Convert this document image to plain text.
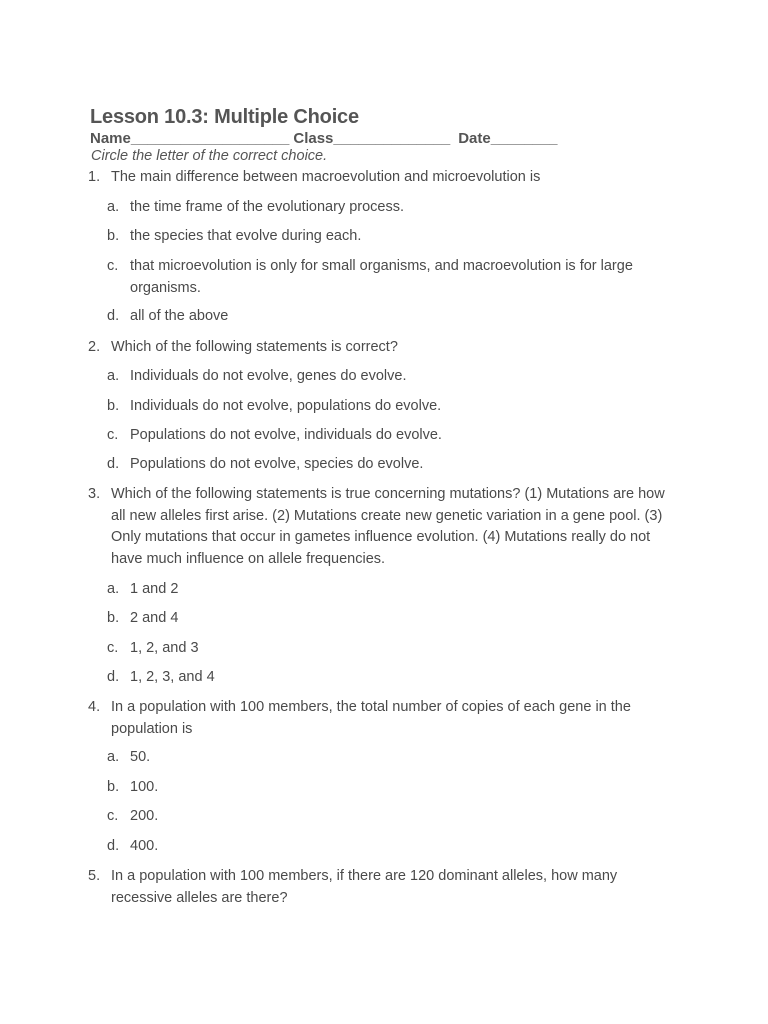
Lesson 10.3: Multiple Choice
Name___________________ Class______________ Date________
Circle the letter of the correct choice.
1. The main difference between macroevolution and microevolution is
a. the time frame of the evolutionary process.
b. the species that evolve during each.
c. that microevolution is only for small organisms, and macroevolution is for large organisms.
d. all of the above
2. Which of the following statements is correct?
a. Individuals do not evolve, genes do evolve.
b. Individuals do not evolve, populations do evolve.
c. Populations do not evolve, individuals do evolve.
d. Populations do not evolve, species do evolve.
3. Which of the following statements is true concerning mutations? (1) Mutations are how all new alleles first arise. (2) Mutations create new genetic variation in a gene pool. (3) Only mutations that occur in gametes influence evolution. (4) Mutations really do not have much influence on allele frequencies.
a. 1 and 2
b. 2 and 4
c. 1, 2, and 3
d. 1, 2, 3, and 4
4. In a population with 100 members, the total number of copies of each gene in the population is
a. 50.
b. 100.
c. 200.
d. 400.
5. In a population with 100 members, if there are 120 dominant alleles, how many recessive alleles are there?
